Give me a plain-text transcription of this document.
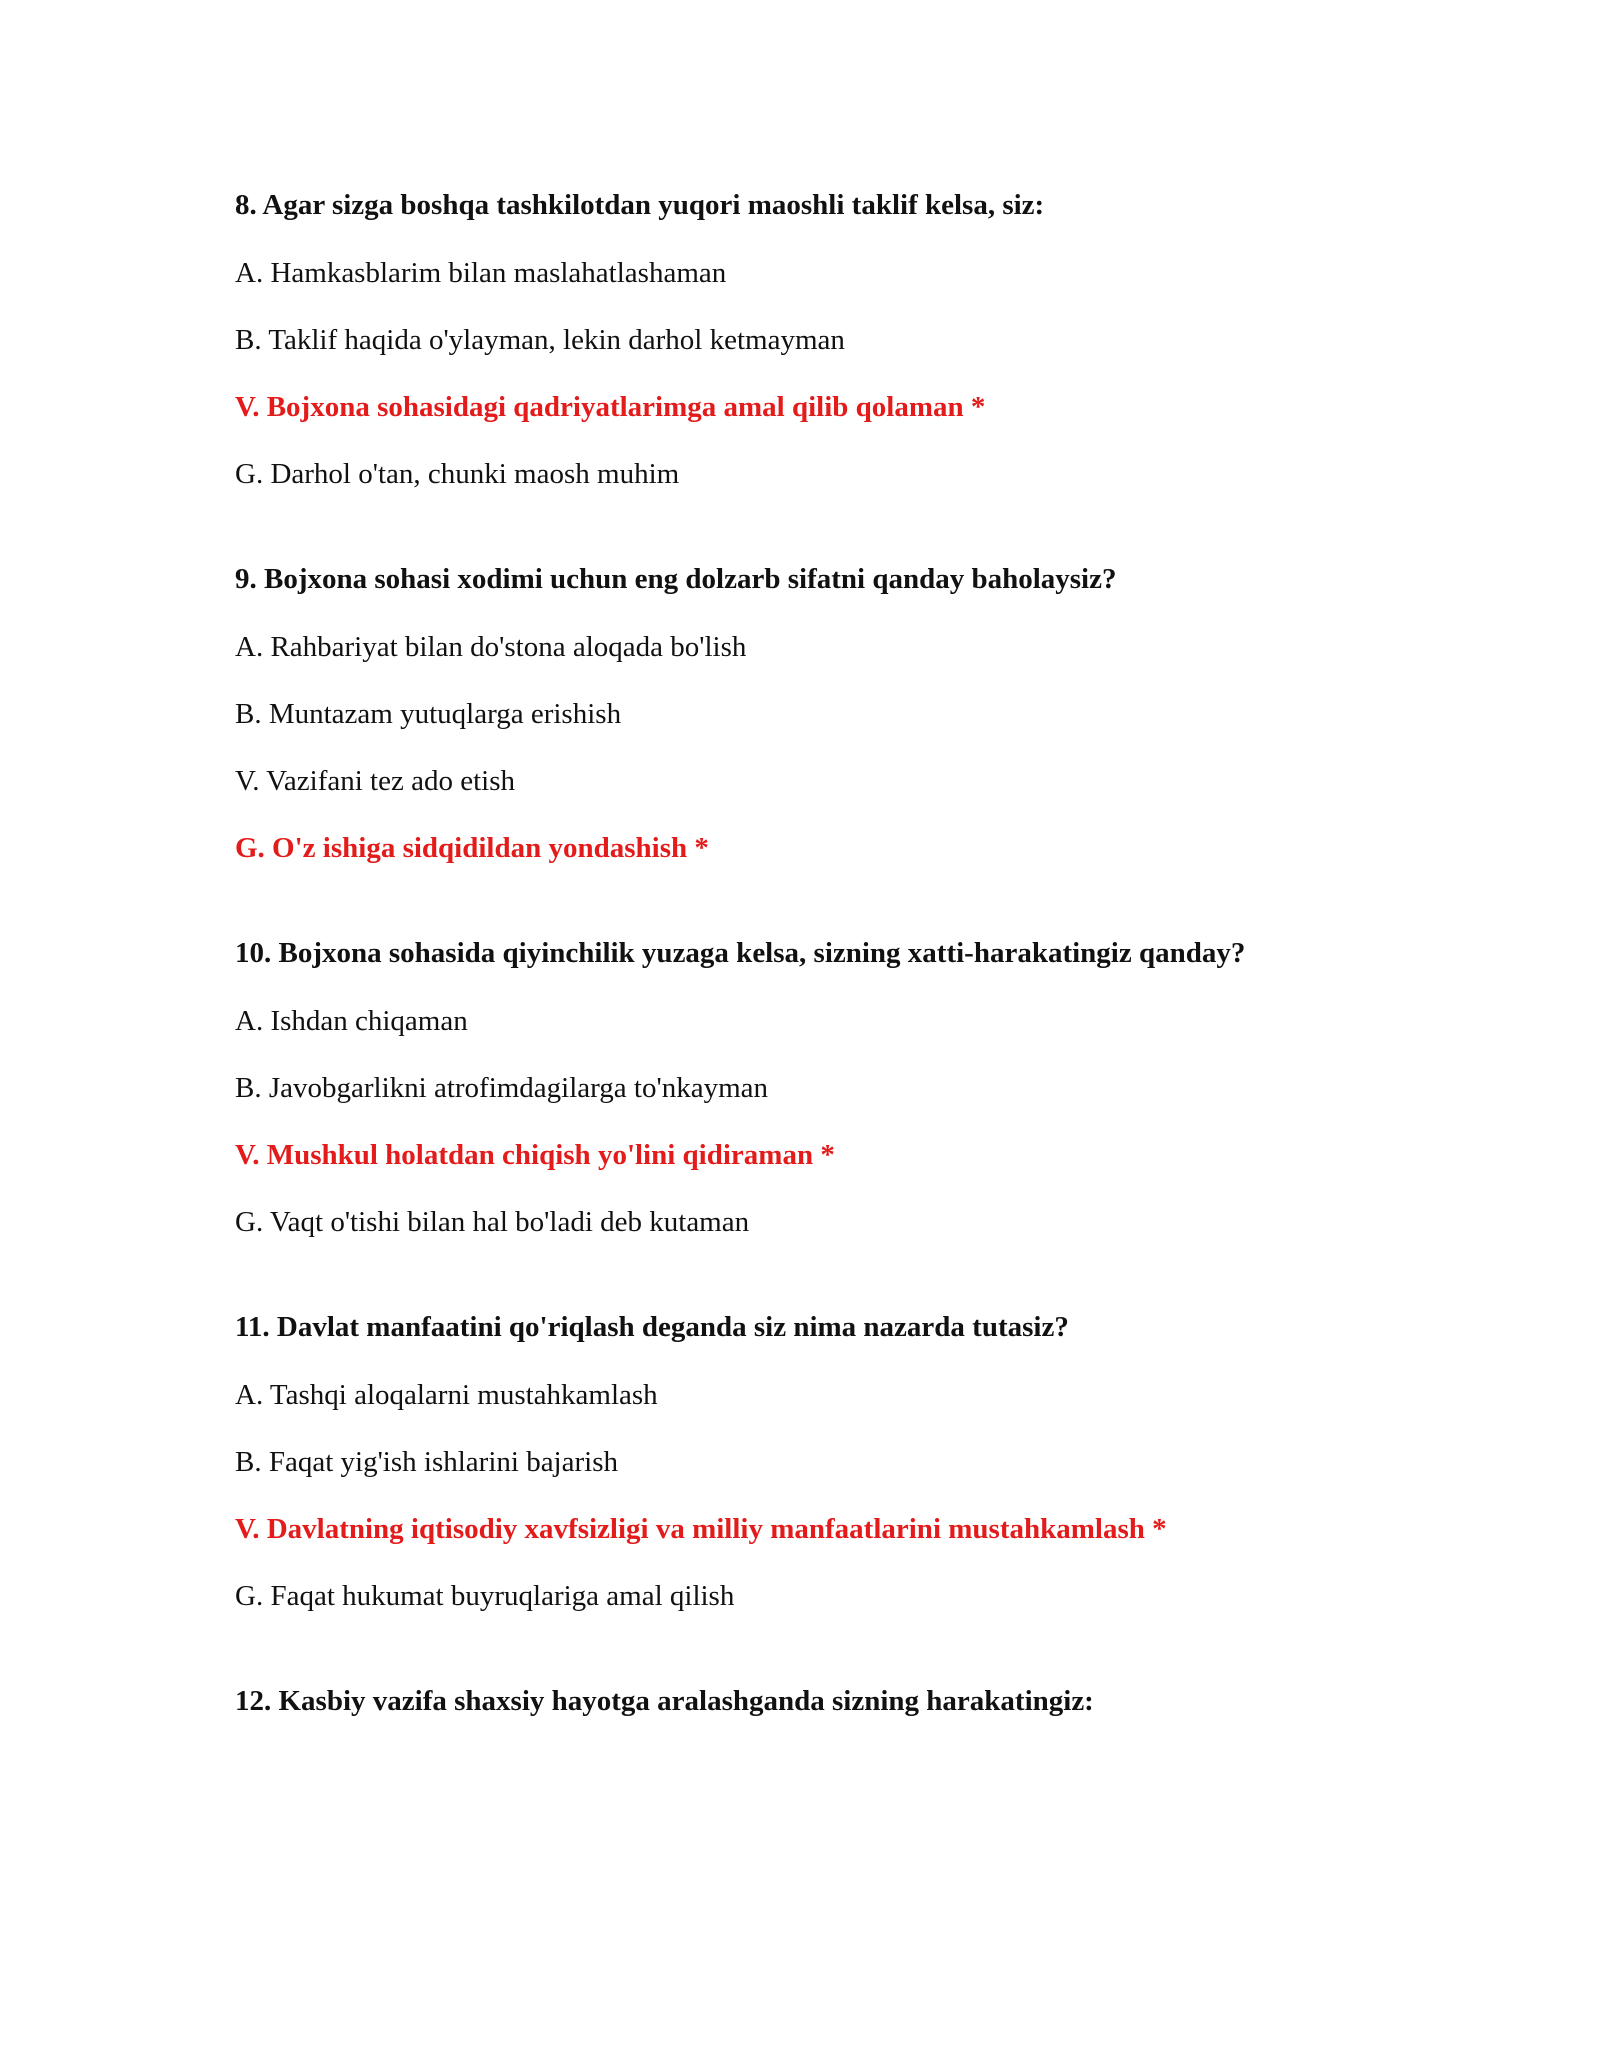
8. Agar sizga boshqa tashkilotdan yuqori maoshli taklif kelsa, siz:
A. Hamkasblarim bilan maslahatlashaman
B. Taklif haqida o'ylayman, lekin darhol ketmayman
V. Bojxona sohasidagi qadriyatlarimga amal qilib qolaman *
G. Darhol o'tan, chunki maosh muhim
9. Bojxona sohasi xodimi uchun eng dolzarb sifatni qanday baholaysiz?
A. Rahbariyat bilan do'stona aloqada bo'lish
B. Muntazam yutuqlarga erishish
V. Vazifani tez ado etish
G. O'z ishiga sidqidildan yondashish *
10. Bojxona sohasida qiyinchilik yuzaga kelsa, sizning xatti-harakatingiz qanday?
A. Ishdan chiqaman
B. Javobgarlikni atrofimdagilarga to'nkayman
V. Mushkul holatdan chiqish yo'lini qidiraman *
G. Vaqt o'tishi bilan hal bo'ladi deb kutaman
11. Davlat manfaatini qo'riqlash deganda siz nima nazarda tutasiz?
A. Tashqi aloqalarni mustahkamlash
B. Faqat yig'ish ishlarini bajarish
V. Davlatning iqtisodiy xavfsizligi va milliy manfaatlarini mustahkamlash *
G. Faqat hukumat buyruqlariga amal qilish
12. Kasbiy vazifa shaxsiy hayotga aralashganda sizning harakatingiz:
